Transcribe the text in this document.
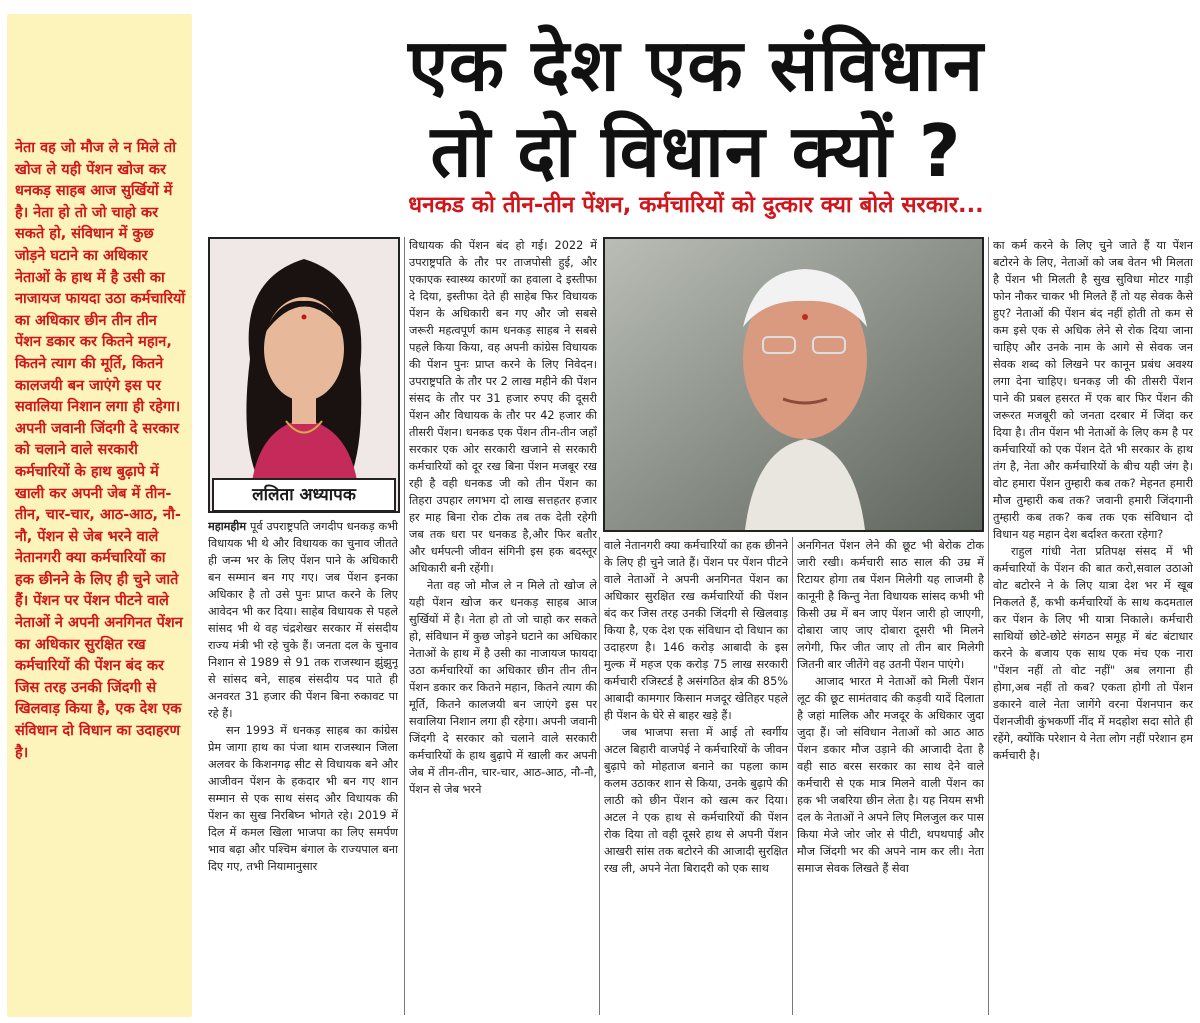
नेता वह जो मौज ले न मिले तो खोज ले यही पेंशन खोज कर धनकड़ साहब आज सुर्खियों में है। नेता हो तो जो चाहो कर सकते हो, संविधान में कुछ जोड़ने घटाने का अधिकार नेताओं के हाथ में है उसी का नाजायज फायदा उठा कर्मचारियों का अधिकार छीन तीन तीन पेंशन डकार कर कितने महान, कितने त्याग की मूर्ति, कितने कालजयी बन जाएंगे इस पर सवालिया निशान लगा ही रहेगा। अपनी जवानी जिंदगी दे सरकार को चलाने वाले सरकारी कर्मचारियों के हाथ बुढ़ापे में खाली कर अपनी जेब में तीन-तीन, चार-चार, आठ-आठ, नौ-नौ, पेंशन से जेब भरने वाले नेतानगरी क्या कर्मचारियों का हक छीनने के लिए ही चुने जाते हैं। पेंशन पर पेंशन पीटने वाले नेताओं ने अपनी अनगिनत पेंशन का अधिकार सुरक्षित रख कर्मचारियों की पेंशन बंद कर जिस तरह उनकी जिंदगी से खिलवाड़ किया है, एक देश एक संविधान दो विधान का उदाहरण है।

एक देश एक संविधान
तो दो विधान क्यों ?
धनकड को तीन-तीन पेंशन, कर्मचारियों को दुत्कार क्या बोले सरकार...
ललिता अध्यापक

महामहीम पूर्व उपराष्ट्रपति जगदीप धनकड़ कभी विधायक भी थे और विधायक का चुनाव जीतते ही जन्म भर के लिए पेंशन पाने के अधिकारी बन सम्मान बन गए गए। जब पेंशन इनका अधिकार है तो उसे पुनः प्राप्त करने के लिए आवेदन भी कर दिया। साहेब विधायक से पहले सांसद भी थे वह चंद्रशेखर सरकार में संसदीय राज्य मंत्री भी रहे चुके हैं। जनता दल के चुनाव निशान से 1989 से 91 तक राजस्थान झुंझुनू से सांसद बने, साहब संसदीय पद पाते ही अनवरत 31 हजार की पेंशन बिना रुकावट पा रहे हैं।

सन 1993 में धनकड़ साहब का कांग्रेस प्रेम जागा हाथ का पंजा थाम राजस्थान जिला अलवर के किशनगढ़ सीट से विधायक बने और आजीवन पेंशन के हकदार भी बन गए शान सम्मान से एक साथ संसद और विधायक की पेंशन का सुख निरबिघ्न भोगते रहे। 2019 में दिल में कमल खिला भाजपा का लिए समर्पण भाव बढ़ा और पश्चिम बंगाल के राज्यपाल बना दिए गए, तभी नियामानुसार

विधायक की पेंशन बंद हो गई। 2022 में उपराष्ट्रपति के तौर पर ताजपोसी हुई, और एकाएक स्वास्थ्य कारणों का हवाला दे इस्तीफा दे दिया, इस्तीफा देते ही साहेब फिर विधायक पेंशन के अधिकारी बन गए और जो सबसे जरूरी महत्वपूर्ण काम धनकड़ साहब ने सबसे पहले किया किया, वह अपनी कांग्रेस विधायक की पेंशन पुनः प्राप्त करने के लिए निवेदन। उपराष्ट्रपति के तौर पर 2 लाख महीने की पेंशन संसद के तौर पर 31 हजार रुपए की दूसरी पेंशन और विधायक के तौर पर 42 हजार की तीसरी पेंशन। धनकड एक पेंशन तीन-तीन जहाँ सरकार एक ओर सरकारी खजाने से सरकारी कर्मचारियों को दूर रख बिना पेंशन मजबूर रख रही है वही धनकड जी को तीन पेंशन का तिहरा उपहार लगभग दो लाख सत्तहतर हजार हर माह बिना रोक टोक तब तक देती रहेगी जब तक धरा पर धनकड है,और फिर बतौर और धर्मपत्नी जीवन संगिनी इस हक बदस्तूर अधिकारी बनी रहेंगी।

नेता वह जो मौज ले न मिले तो खोज ले यही पेंशन खोज कर धनकड़ साहब आज सुर्खियों में है। नेता हो तो जो चाहो कर सकते हो, संविधान में कुछ जोड़ने घटाने का अधिकार नेताओं के हाथ में है उसी का नाजायज फायदा उठा कर्मचारियों का अधिकार छीन तीन तीन पेंशन डकार कर कितने महान, कितने त्याग की मूर्ति, कितने कालजयी बन जाएंगे इस पर सवालिया निशान लगा ही रहेगा। अपनी जवानी जिंदगी दे सरकार को चलाने वाले सरकारी कर्मचारियों के हाथ बुढ़ापे में खाली कर अपनी जेब में तीन-तीन, चार-चार, आठ-आठ, नौ-नौ, पेंशन से जेब भरने

वाले नेतानगरी क्या कर्मचारियों का हक छीनने के लिए ही चुने जाते हैं। पेंशन पर पेंशन पीटने वाले नेताओं ने अपनी अनगिनत पेंशन का अधिकार सुरक्षित रख कर्मचारियों की पेंशन बंद कर जिस तरह उनकी जिंदगी से खिलवाड़ किया है, एक देश एक संविधान दो विधान का उदाहरण है। 146 करोड़ आबादी के इस मुल्क में महज एक करोड़ 75 लाख सरकारी कर्मचारी रजिस्टर्ड है असंगठित क्षेत्र की 85% आबादी कामगार किसान मजदूर खेतिहर पहले ही पेंशन के घेरे से बाहर खड़े हैं।

जब भाजपा सत्ता में आई तो स्वर्गीय अटल बिहारी वाजपेई ने कर्मचारियों के जीवन बुढ़ापे को मोहताज बनाने का पहला काम कलम उठाकर शान से किया, उनके बुढ़ापे की लाठी को छीन पेंशन को खत्म कर दिया। अटल ने एक हाथ से कर्मचारियों की पेंशन रोक दिया तो वही दूसरे हाथ से अपनी पेंशन आखरी सांस तक बटोरने की आजादी सुरक्षित रख ली, अपने नेता बिरादरी को एक साथ

अनगिनत पेंशन लेने की छूट भी बेरोक टोक जारी रखी। कर्मचारी साठ साल की उम्र में रिटायर होगा तब पेंशन मिलेगी यह लाजमी है कानूनी है किन्तु नेता विधायक सांसद कभी भी किसी उम्र में बन जाए पेंशन जारी हो जाएगी, दोबारा जाए जाए दोबारा दूसरी भी मिलने लगेगी, फिर जीत जाए तो तीन बार मिलेगी जितनी बार जीतेंगे वह उतनी पेंशन पाएंगे।

आजाद भारत मे नेताओं को मिली पेंशन लूट की छूट सामंतवाद की कड़वी यादें दिलाता है जहां मालिक और मजदूर के अधिकार जुदा जुदा हैं। जो संविधान नेताओं को आठ आठ पेंशन डकार मौज उड़ाने की आजादी देता है वही साठ बरस सरकार का साथ देने वाले कर्मचारी से एक मात्र मिलने वाली पेंशन का हक भी जबरिया छीन लेता है। यह नियम सभी दल के नेताओं ने अपने लिए मिलजुल कर पास किया मेजे जोर जोर से पीटी, थपथपाई और मौज जिंदगी भर की अपने नाम कर ली। नेता समाज सेवक लिखते हैं सेवा

का कर्म करने के लिए चुने जाते हैं या पेंशन बटोरने के लिए, नेताओं को जब वेतन भी मिलता है पेंशन भी मिलती है सुख सुविधा मोटर गाड़ी फोन नौकर चाकर भी मिलते हैं तो यह सेवक कैसे हुए? नेताओं की पेंशन बंद नहीं होती तो कम से कम इसे एक से अधिक लेने से रोक दिया जाना चाहिए और उनके नाम के आगे से सेवक जन सेवक शब्द को लिखने पर कानून प्रबंध अवश्य लगा देना चाहिए। धनकड़ जी की तीसरी पेंशन पाने की प्रबल हसरत में एक बार फिर पेंशन की जरूरत मजबूरी को जनता दरबार में जिंदा कर दिया है। तीन पेंशन भी नेताओं के लिए कम है पर कर्मचारियों को एक पेंशन देते भी सरकार के हाथ तंग है, नेता और कर्मचारियों के बीच यही जंग है। वोट हमारा पेंशन तुम्हारी कब तक? मेहनत हमारी मौज तुम्हारी कब तक? जवानी हमारी जिंदगानी तुम्हारी कब तक? कब तक एक संविधान दो विधान यह महान देश बर्दाश्त करता रहेगा?

राहुल गांधी नेता प्रतिपक्ष संसद में भी कर्मचारियों के पेंशन की बात करो,सवाल उठाओ वोट बटोरने ने के लिए यात्रा देश भर में खूब निकलते हैं, कभी कर्मचारियों के साथ कदमताल कर पेंशन के लिए भी यात्रा निकाले। कर्मचारी साथियों छोटे-छोटे संगठन समूह में बंट बंटाधार करने के बजाय एक साथ एक मंच एक नारा "पेंशन नहीं तो वोट नहीं" अब लगाना ही होगा,अब नहीं तो कब? एकता होगी तो पेंशन डकारने वाले नेता जागेंगे वरना पेंशनपान कर पेंशनजीवी कुंभकर्णी नींद में मदहोश सदा सोते ही रहेंगे, क्योंकि परेशान ये नेता लोग नहीं परेशान हम कर्मचारी है।
